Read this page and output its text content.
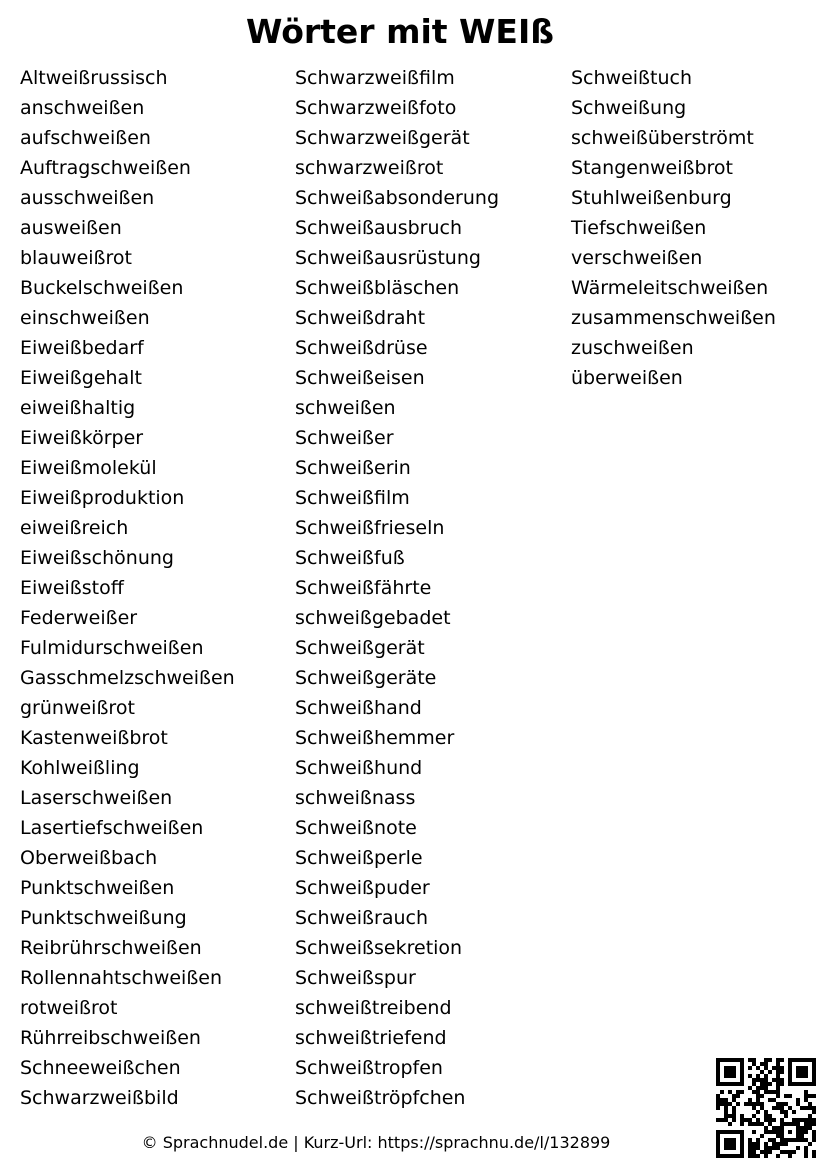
Wörter mit WEIß
Altweißrussisch
anschweißen
aufschweißen
Auftragschweißen
ausschweißen
ausweißen
blauweißrot
Buckelschweißen
einschweißen
Eiweißbedarf
Eiweißgehalt
eiweißhaltig
Eiweißkörper
Eiweißmolekül
Eiweißproduktion
eiweißreich
Eiweißschönung
Eiweißstoff
Federweißer
Fulmidurschweißen
Gasschmelzschweißen
grünweißrot
Kastenweißbrot
Kohlweißling
Laserschweißen
Lasertiefschweißen
Oberweißbach
Punktschweißen
Punktschweißung
Reibrührschweißen
Rollennahtschweißen
rotweißrot
Rührreibschweißen
Schneeweißchen
Schwarzweißbild
Schwarzweißfilm
Schwarzweißfoto
Schwarzweißgerät
schwarzweißrot
Schweißabsonderung
Schweißausbruch
Schweißausrüstung
Schweißbläschen
Schweißdraht
Schweißdrüse
Schweißeisen
schweißen
Schweißer
Schweißerin
Schweißfilm
Schweißfrieseln
Schweißfuß
Schweißfährte
schweißgebadet
Schweißgerät
Schweißgeräte
Schweißhand
Schweißhemmer
Schweißhund
schweißnass
Schweißnote
Schweißperle
Schweißpuder
Schweißrauch
Schweißsekretion
Schweißspur
schweißtreibend
schweißtriefend
Schweißtropfen
Schweißtröpfchen
Schweißtuch
Schweißung
schweißüberströmt
Stangenweißbrot
Stuhlweißenburg
Tiefschweißen
verschweißen
Wärmeleitschweißen
zusammenschweißen
zuschweißen
überweißen
© Sprachnudel.de | Kurz-Url: https://sprachnu.de/l/132899
